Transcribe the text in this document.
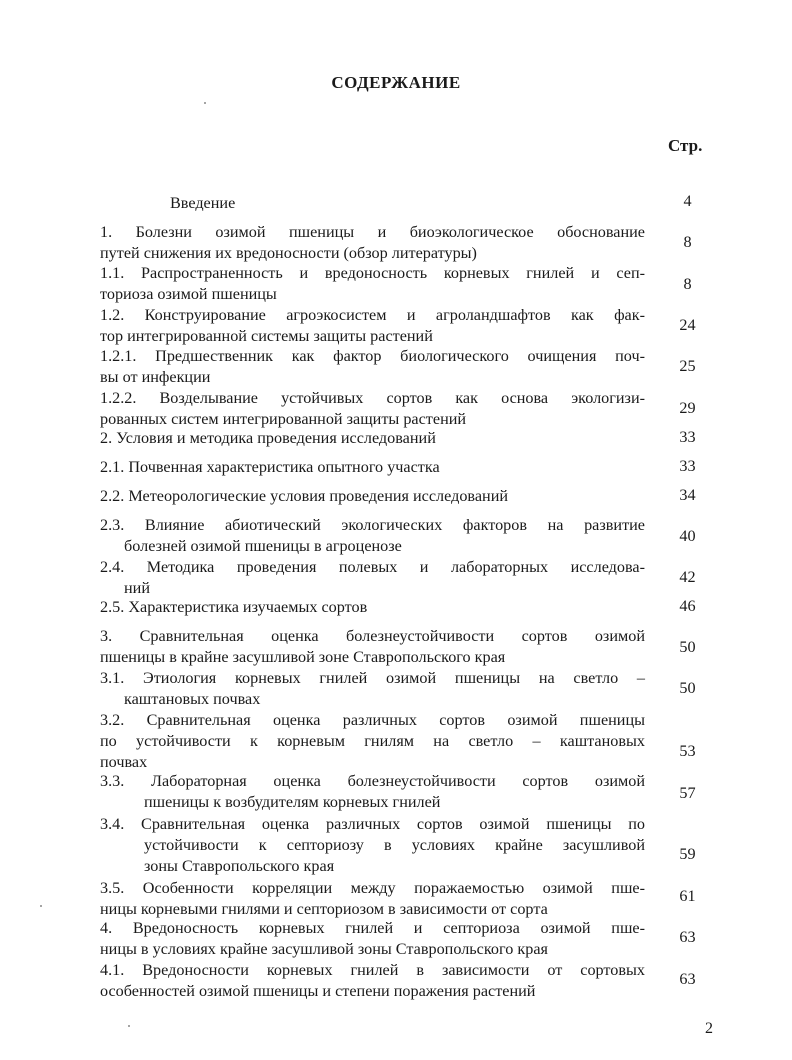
СОДЕРЖАНИЕ
Стр.
Введение	4
1. Болезни озимой пшеницы и биоэкологическое обоснование
путей снижения их вредоносности (обзор литературы)
8
1.1. Распространенность и вредоносность корневых гнилей и сеп-
ториоза озимой пшеницы
8
1.2. Конструирование агроэкосистем и агроландшафтов как фак-
тор интегрированной системы защиты растений
24
1.2.1. Предшественник как фактор биологического очищения поч-
вы от инфекции
25
1.2.2. Возделывание устойчивых сортов как основа экологизи-
рованных систем интегрированной защиты растений
29
2. Условия и методика проведения исследований	33
2.1. Почвенная характеристика опытного участка	33
2.2. Метеорологические условия проведения исследований	34
2.3. Влияние абиотический экологических факторов на развитие
болезней озимой пшеницы в агроценозе
40
2.4. Методика проведения полевых и лабораторных исследова-
ний
42
2.5. Характеристика изучаемых сортов	46
3. Сравнительная оценка болезнеустойчивости сортов озимой
пшеницы в крайне засушливой зоне Ставропольского края
50
3.1. Этиология корневых гнилей озимой пшеницы на светло –
каштановых почвах
50
3.2. Сравнительная оценка различных сортов озимой пшеницы
по устойчивости к корневым гнилям на светло – каштановых
почвах
53
3.3. Лабораторная оценка болезнеустойчивости сортов озимой
пшеницы к возбудителям корневых гнилей	57
3.4. Сравнительная оценка различных сортов озимой пшеницы по
устойчивости к септориозу в условиях крайне засушливой
зоны Ставропольского края
59
3.5. Особенности корреляции между поражаемостью озимой пше-
ницы корневыми гнилями и септориозом в зависимости от сорта
61
4. Вредоносность корневых гнилей и септориоза озимой пше-
ницы в условиях крайне засушливой зоны Ставропольского края
63
4.1. Вредоносности корневых гнилей в зависимости от сортовых
особенностей озимой пшеницы и степени поражения растений
63
2
